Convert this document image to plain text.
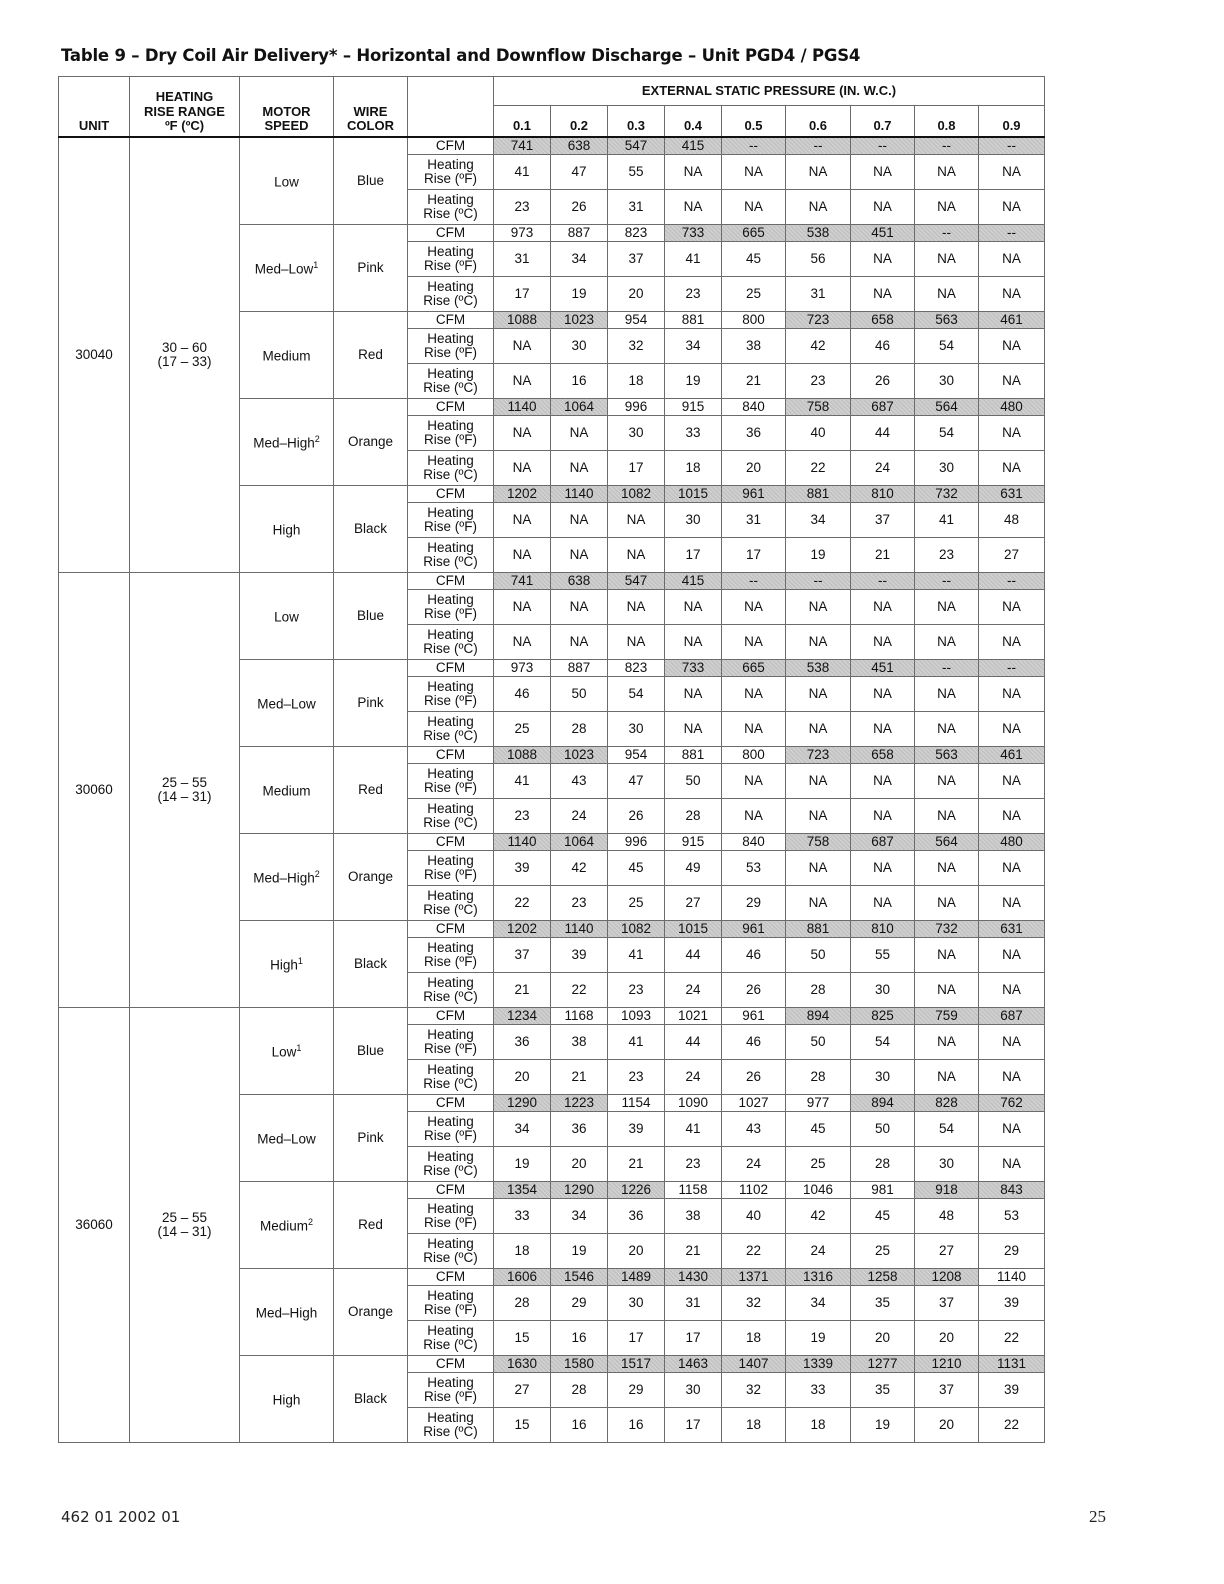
Table 9 – Dry Coil Air Delivery* – Horizontal and Downflow Discharge – Unit PGD4 / PGS4
UNIT	HEATING
RISE RANGE
ºF (ºC)	MOTOR
SPEED	WIRE
COLOR		EXTERNAL STATIC PRESSURE (IN. W.C.)								
					0.1	0.2	0.3	0.4	0.5	0.6	0.7	0.8	0.9
30040	30 – 60
(17 – 33)	Low	Blue	CFM	741	638	547	415	--	--	--	--	--
				Heating
Rise (ºF)	41	47	55	NA	NA	NA	NA	NA	NA
				Heating
Rise (ºC)	23	26	31	NA	NA	NA	NA	NA	NA
		Med–Low$^1$	Pink	CFM	973	887	823	733	665	538	451	--	--
				Heating
Rise (ºF)	31	34	37	41	45	56	NA	NA	NA
				Heating
Rise (ºC)	17	19	20	23	25	31	NA	NA	NA
		Medium	Red	CFM	1088	1023	954	881	800	723	658	563	461
				Heating
Rise (ºF)	NA	30	32	34	38	42	46	54	NA
				Heating
Rise (ºC)	NA	16	18	19	21	23	26	30	NA
		Med–High$^2$	Orange	CFM	1140	1064	996	915	840	758	687	564	480
				Heating
Rise (ºF)	NA	NA	30	33	36	40	44	54	NA
				Heating
Rise (ºC)	NA	NA	17	18	20	22	24	30	NA
		High	Black	CFM	1202	1140	1082	1015	961	881	810	732	631
				Heating
Rise (ºF)	NA	NA	NA	30	31	34	37	41	48
				Heating
Rise (ºC)	NA	NA	NA	17	17	19	21	23	27
30060	25 – 55
(14 – 31)	Low	Blue	CFM	741	638	547	415	--	--	--	--	--
				Heating
Rise (ºF)	NA	NA	NA	NA	NA	NA	NA	NA	NA
				Heating
Rise (ºC)	NA	NA	NA	NA	NA	NA	NA	NA	NA
		Med–Low	Pink	CFM	973	887	823	733	665	538	451	--	--
				Heating
Rise (ºF)	46	50	54	NA	NA	NA	NA	NA	NA
				Heating
Rise (ºC)	25	28	30	NA	NA	NA	NA	NA	NA
		Medium	Red	CFM	1088	1023	954	881	800	723	658	563	461
				Heating
Rise (ºF)	41	43	47	50	NA	NA	NA	NA	NA
				Heating
Rise (ºC)	23	24	26	28	NA	NA	NA	NA	NA
		Med–High$^2$	Orange	CFM	1140	1064	996	915	840	758	687	564	480
				Heating
Rise (ºF)	39	42	45	49	53	NA	NA	NA	NA
				Heating
Rise (ºC)	22	23	25	27	29	NA	NA	NA	NA
		High$^1$	Black	CFM	1202	1140	1082	1015	961	881	810	732	631
				Heating
Rise (ºF)	37	39	41	44	46	50	55	NA	NA
				Heating
Rise (ºC)	21	22	23	24	26	28	30	NA	NA
36060	25 – 55
(14 – 31)	Low$^1$	Blue	CFM	1234	1168	1093	1021	961	894	825	759	687
				Heating
Rise (ºF)	36	38	41	44	46	50	54	NA	NA
				Heating
Rise (ºC)	20	21	23	24	26	28	30	NA	NA
		Med–Low	Pink	CFM	1290	1223	1154	1090	1027	977	894	828	762
				Heating
Rise (ºF)	34	36	39	41	43	45	50	54	NA
				Heating
Rise (ºC)	19	20	21	23	24	25	28	30	NA
		Medium$^2$	Red	CFM	1354	1290	1226	1158	1102	1046	981	918	843
				Heating
Rise (ºF)	33	34	36	38	40	42	45	48	53
				Heating
Rise (ºC)	18	19	20	21	22	24	25	27	29
		Med–High	Orange	CFM	1606	1546	1489	1430	1371	1316	1258	1208	1140
				Heating
Rise (ºF)	28	29	30	31	32	34	35	37	39
				Heating
Rise (ºC)	15	16	17	17	18	19	20	20	22
		High	Black	CFM	1630	1580	1517	1463	1407	1339	1277	1210	1131
				Heating
Rise (ºF)	27	28	29	30	32	33	35	37	39
				Heating
Rise (ºC)	15	16	16	17	18	18	19	20	22
462 01 2002 01	25
